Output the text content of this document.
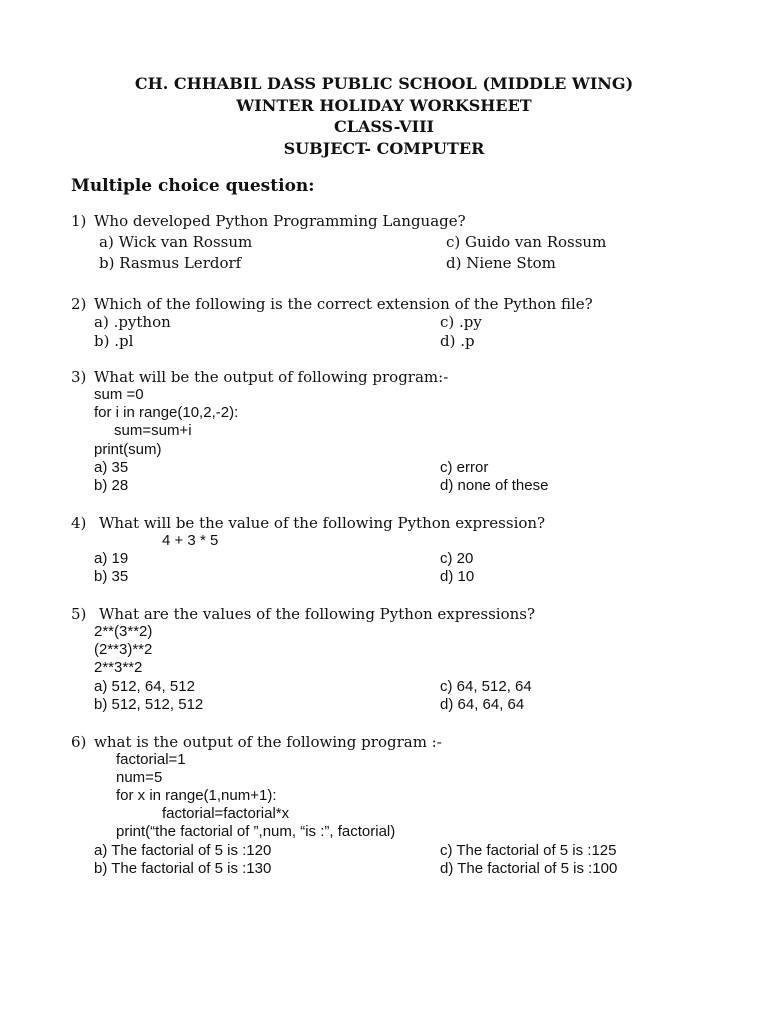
CH. CHHABIL DASS PUBLIC SCHOOL (MIDDLE WING)
WINTER HOLIDAY WORKSHEET
CLASS-VIII
SUBJECT- COMPUTER
Multiple choice question:
1) Who developed Python Programming Language?
a) Wick van Rossum
b) Rasmus Lerdorf
c) Guido van Rossum
d) Niene Stom
2) Which of the following is the correct extension of the Python file?
a) .python
b) .pl
c) .py
d) .p
3) What will be the output of following program:-
sum =0
for i in range(10,2,-2):
sum=sum+i
print(sum)
a) 35
b) 28
c) error
d) none of these
4) What will be the value of the following Python expression?
4 + 3 * 5
a) 19
b) 35
c) 20
d) 10
5) What are the values of the following Python expressions?
2**(3**2)
(2**3)**2
2**3**2
a) 512, 64, 512
b) 512, 512, 512
c) 64, 512, 64
d) 64, 64, 64
6) what is the output of the following program :-
factorial=1
num=5
for x in range(1,num+1):
factorial=factorial*x
print(“the factorial of ”,num, “is :”, factorial)
a) The factorial of 5 is :120
b) The factorial of 5 is :130
c) The factorial of 5 is :125
d) The factorial of 5 is :100
